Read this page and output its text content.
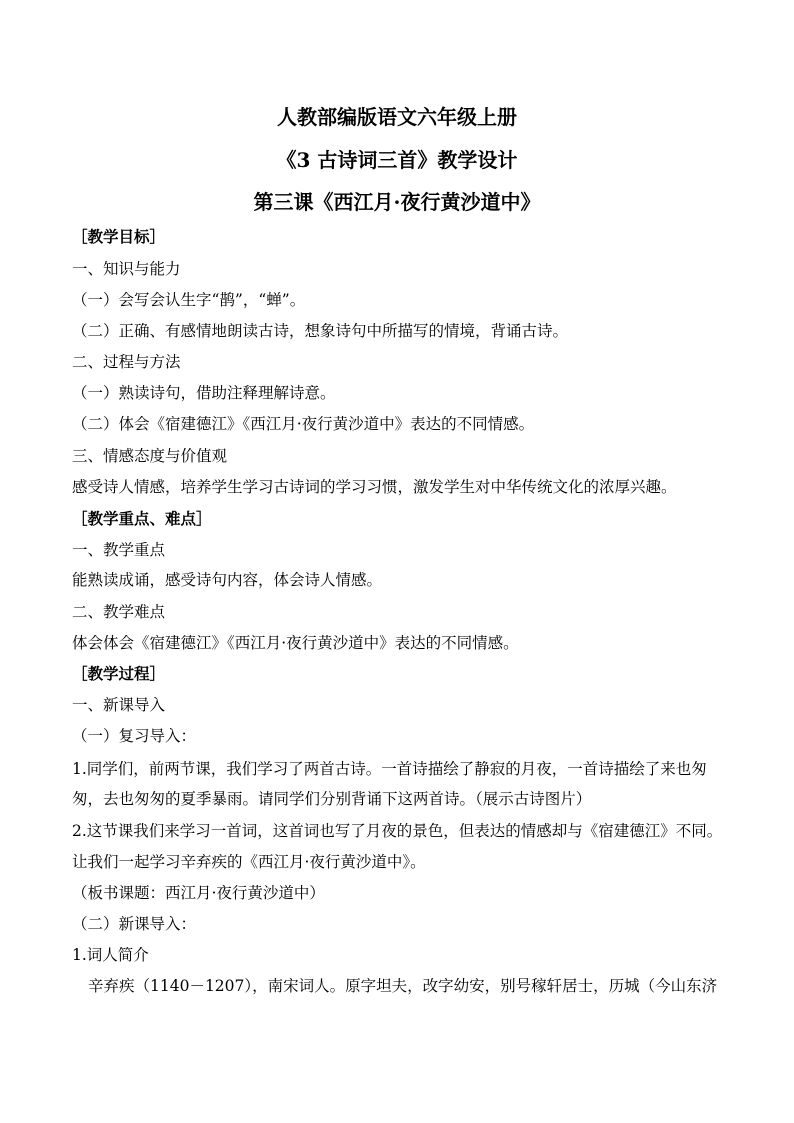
人教部编版语文六年级上册
《3 古诗词三首》教学设计
第三课《西江月·夜行黄沙道中》
［教学目标］
一、知识与能力
（一）会写会认生字“鹊”，“蝉”。
（二）正确、有感情地朗读古诗，想象诗句中所描写的情境，背诵古诗。
二、过程与方法
（一）熟读诗句，借助注释理解诗意。
（二）体会《宿建德江》《西江月·夜行黄沙道中》表达的不同情感。
三、情感态度与价值观
感受诗人情感，培养学生学习古诗词的学习习惯，激发学生对中华传统文化的浓厚兴趣。
［教学重点、难点］
一、教学重点
能熟读成诵，感受诗句内容，体会诗人情感。
二、教学难点
体会体会《宿建德江》《西江月·夜行黄沙道中》表达的不同情感。
［教学过程］
一、新课导入
（一）复习导入：
1.同学们，前两节课，我们学习了两首古诗。一首诗描绘了静寂的月夜，一首诗描绘了来也匆
匆，去也匆匆的夏季暴雨。请同学们分别背诵下这两首诗。（展示古诗图片）
2.这节课我们来学习一首词，这首词也写了月夜的景色，但表达的情感却与《宿建德江》不同。
让我们一起学习辛弃疾的《西江月·夜行黄沙道中》。
（板书课题：西江月·夜行黄沙道中）
（二）新课导入：
1.词人简介
辛弃疾（1140－1207），南宋词人。原字坦夫，改字幼安，别号稼轩居士，历城（今山东济
